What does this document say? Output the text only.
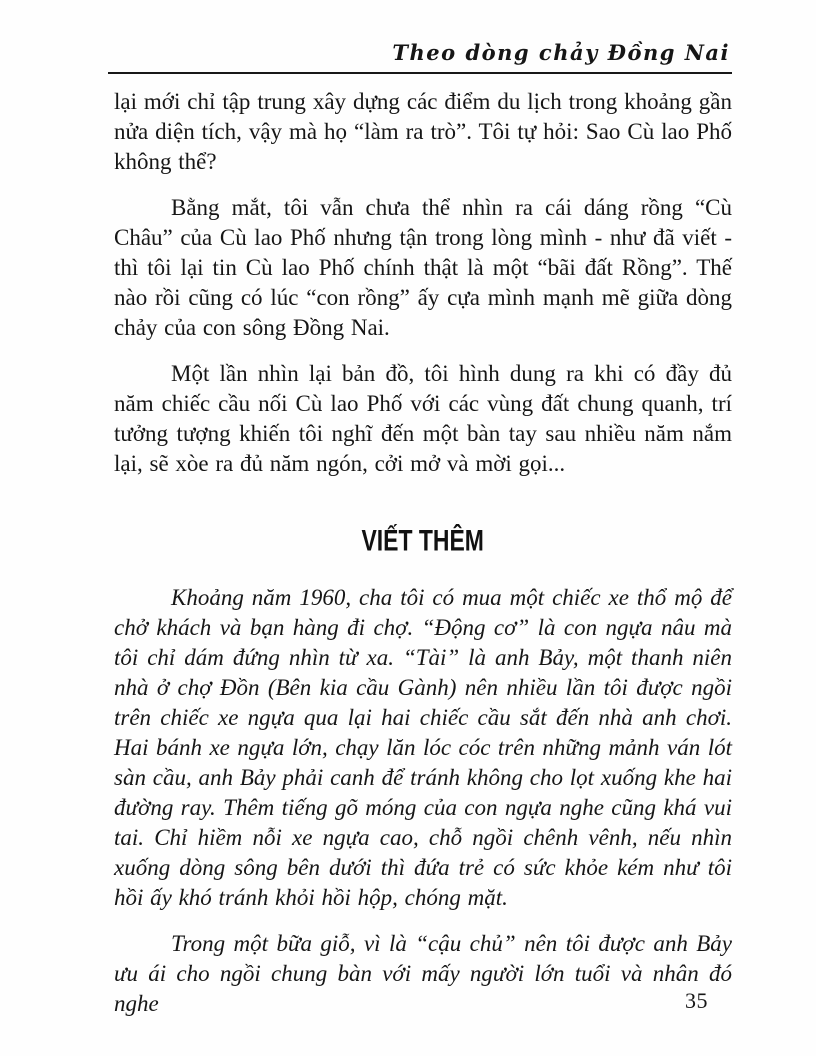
Theo dòng chảy Đồng Nai

lại mới chỉ tập trung xây dựng các điểm du lịch trong khoảng gần nửa diện tích, vậy mà họ “làm ra trò”. Tôi tự hỏi: Sao Cù lao Phố không thể?

Bằng mắt, tôi vẫn chưa thể nhìn ra cái dáng rồng “Cù Châu” của Cù lao Phố nhưng tận trong lòng mình - như đã viết - thì tôi lại tin Cù lao Phố chính thật là một “bãi đất Rồng”. Thế nào rồi cũng có lúc “con rồng” ấy cựa mình mạnh mẽ giữa dòng chảy của con sông Đồng Nai.

Một lần nhìn lại bản đồ, tôi hình dung ra khi có đầy đủ năm chiếc cầu nối Cù lao Phố với các vùng đất chung quanh, trí tưởng tượng khiến tôi nghĩ đến một bàn tay sau nhiều năm nắm lại, sẽ xòe ra đủ năm ngón, cởi mở và mời gọi...

VIẾT THÊM

Khoảng năm 1960, cha tôi có mua một chiếc xe thổ mộ để chở khách và bạn hàng đi chợ. “Động cơ” là con ngựa nâu mà tôi chỉ dám đứng nhìn từ xa. “Tài” là anh Bảy, một thanh niên nhà ở chợ Đồn (Bên kia cầu Gành) nên nhiều lần tôi được ngồi trên chiếc xe ngựa qua lại hai chiếc cầu sắt đến nhà anh chơi. Hai bánh xe ngựa lớn, chạy lăn lóc cóc trên những mảnh ván lót sàn cầu, anh Bảy phải canh để tránh không cho lọt xuống khe hai đường ray. Thêm tiếng gõ móng của con ngựa nghe cũng khá vui tai. Chỉ hiềm nỗi xe ngựa cao, chỗ ngồi chênh vênh, nếu nhìn xuống dòng sông bên dưới thì đứa trẻ có sức khỏe kém như tôi hồi ấy khó tránh khỏi hồi hộp, chóng mặt.

Trong một bữa giỗ, vì là “cậu chủ” nên tôi được anh Bảy ưu ái cho ngồi chung bàn với mấy người lớn tuổi và nhân đó nghe	35
